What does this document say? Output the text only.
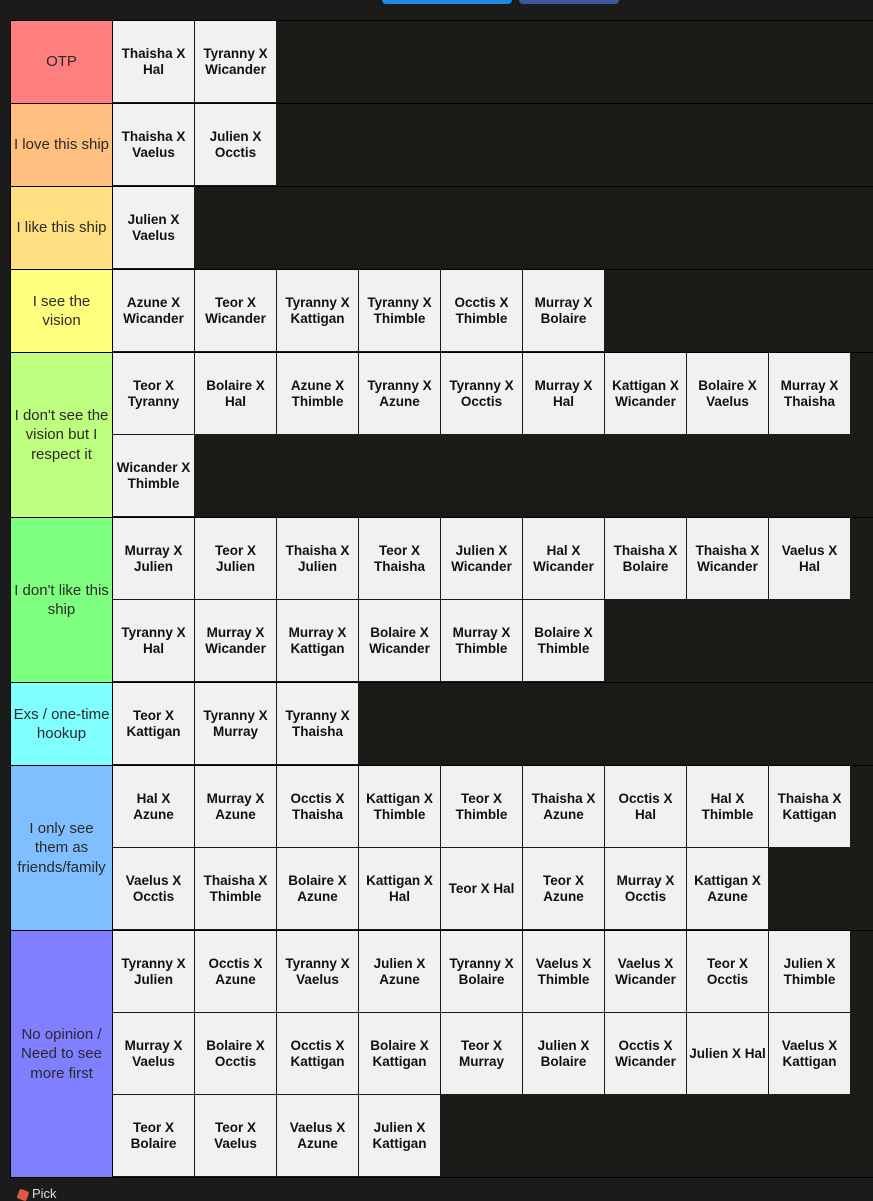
OTP	Thaisha X Hal
Tyranny X Wicander
I love this ship Thaisha X Vaelus
Julien X Occtis
I like this ship	Julien X Vaelus
I see the vision
Azune X Wicander
Teor X Wicander
Tyranny X Kattigan
Tyranny X Thimble
Occtis X Thimble
Murray X Bolaire
I don't see the vision but I respect it
Teor X Tyranny
Bolaire X Hal
Azune X Thimble
Tyranny X Azune
Tyranny X Occtis
Murray X Hal
Kattigan X Wicander
Bolaire X Vaelus
Murray X Thaisha
Wicander X Thimble
I don't like this ship
Murray X Julien
Teor X Julien
Thaisha X Julien
Teor X Thaisha
Julien X Wicander
Hal X Wicander
Thaisha X Bolaire
Thaisha X Wicander
Vaelus X Hal
Tyranny X Hal
Murray X Wicander
Murray X Kattigan
Bolaire X Wicander
Murray X Thimble
Bolaire X Thimble
Exs / one-time hookup
Teor X Kattigan
Tyranny X Murray
Tyranny X Thaisha
I only see them as friends/family
Hal X Azune
Murray X Azune
Occtis X Thaisha
Kattigan X Thimble
Teor X Thimble
Thaisha X Azune
Occtis X Hal
Hal X Thimble
Thaisha X Kattigan
Vaelus X Occtis
Thaisha X Thimble
Bolaire X Azune
Kattigan X Hal
Teor X Hal
Teor X Azune
Murray X Occtis
Kattigan X Azune
No opinion / Need to see more first
Tyranny X Julien
Occtis X Azune
Tyranny X Vaelus
Julien X Azune
Tyranny X Bolaire
Vaelus X Thimble
Vaelus X Wicander
Teor X Occtis
Julien X Thimble
Murray X Vaelus
Bolaire X Occtis
Occtis X Kattigan
Bolaire X Kattigan
Teor X Murray
Julien X Bolaire
Occtis X Wicander
Julien X Hal
Vaelus X Kattigan
Teor X Bolaire
Teor X Vaelus
Vaelus X Azune
Julien X Kattigan
Pick
